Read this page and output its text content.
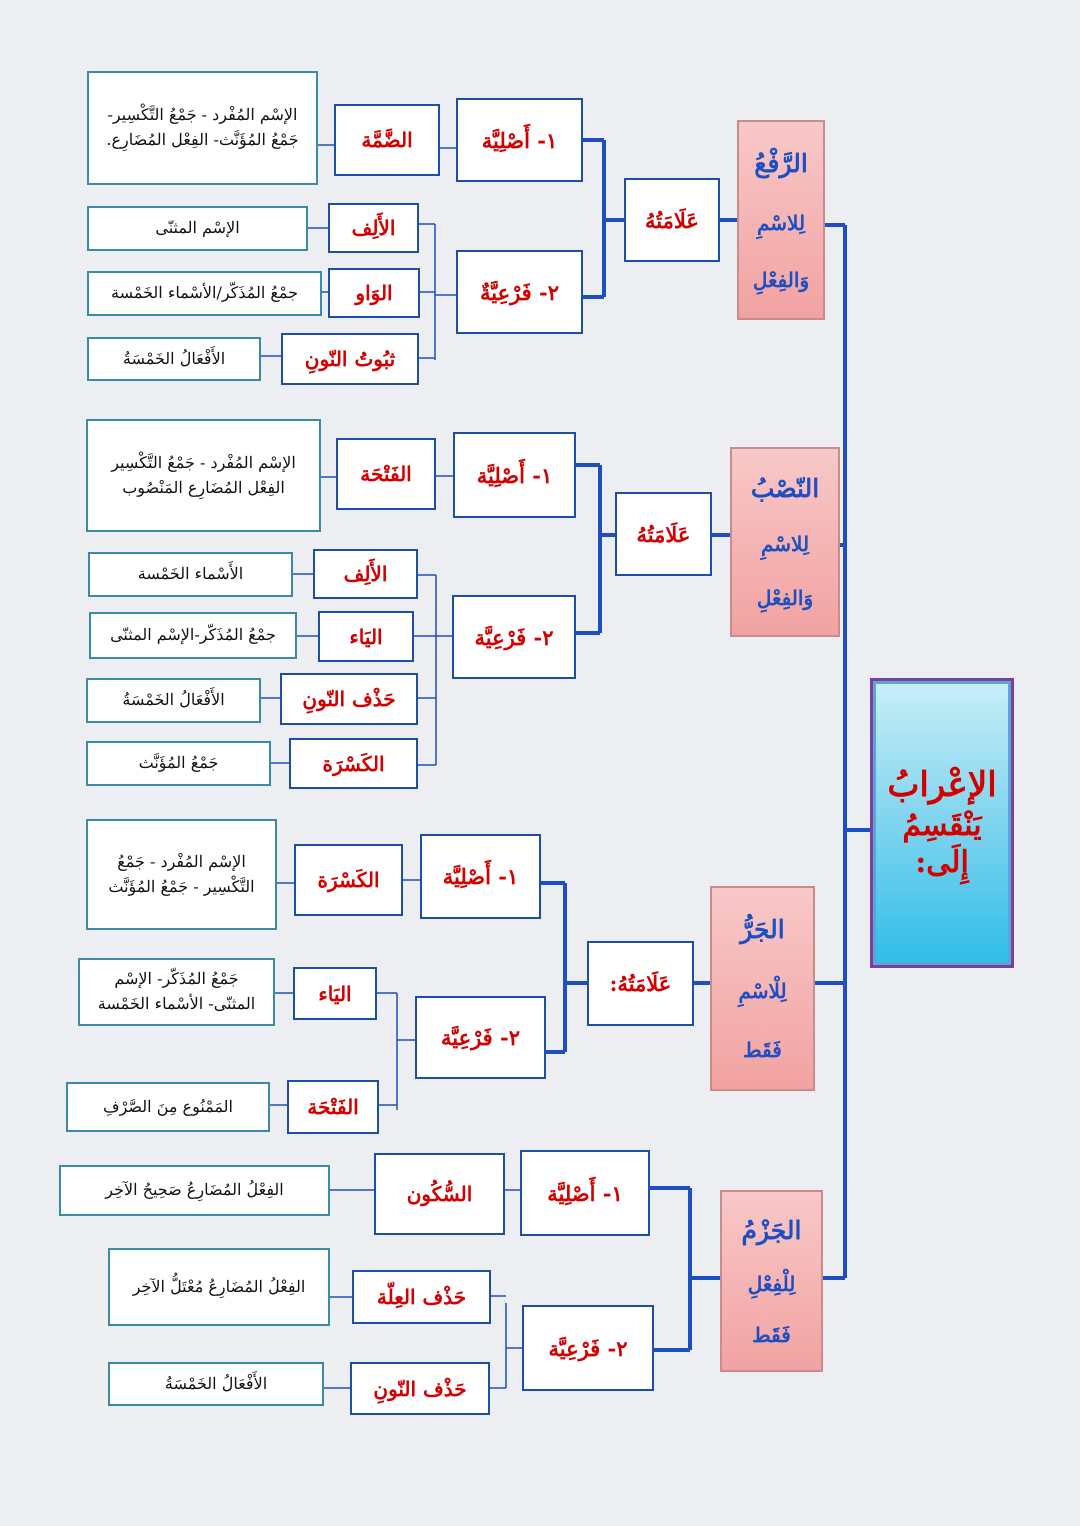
الإعْرابُ
يَنْقَسِمُ
إِلَى:
الرَّفْعُ
لِلاسْمِ
وَالفِعْلِ
عَلَامَتُهُ
١- أَصْلِيَّة
٢- فَرْعِيَّةٌ
الضَّمَّة
الإسْم المُفْرد - جَمْعُ التَّكْسِير-جَمْعُ المُؤَنَّث- الفِعْل المُضَارِع.
الأَلِف
الإسْم المثنّى
الوَاو
جمْعُ المُذَكّر/الأسْماء الخَمْسة
ثبُوتُ النّونِ
الأَفْعَالُ الخَمْسَةُ
النّصْبُ
لِلاسْمِ
وَالفِعْلِ
عَلَامَتُهُ
١- أَصْلِيَّة
٢- فَرْعِيَّة
الفَتْحَة
الإسْم المُفْرد - جَمْعُ التَّكْسِير الفِعْل المُضَارِع المَنْصُوب
الأَلِف
الأَسْماء الخَمْسة
اليَاء
جمْعُ المُذَكّر-الإسْم المثنّى
حَذْف النّونِ
الأَفْعَالُ الخَمْسَةُ
الكَسْرَة
جَمْعُ المُؤَنَّث
الجَرُّ
لِلْاسْمِ
فَقَط
عَلَامَتُهُ:
١- أَصْلِيَّة
٢- فَرْعِيَّة
الكَسْرَة
الإسْم المُفْرد - جَمْعُ التَّكْسِير - جَمْعُ المُؤَنَّث
اليَاء
جَمْعُ المُذَكّر- الإسْم المثنّى- الأسْماء الخَمْسة
الفَتْحَة
المَمْنُوع مِنَ الصَّرْفِ
الجَزْمُ
لِلْفِعْلِ
فَقَط
١- أَصْلِيَّة
٢- فَرْعِيَّة
السُّكُون
الفِعْلُ المُضَارِعُ صَحِيحُ الآخِر
حَذْف العِلّة
الفِعْلُ المُضَارِعُ مُعْتَلُّ الآخِر
حَذْف النّونِ
الأَفْعَالُ الخَمْسَةُ
